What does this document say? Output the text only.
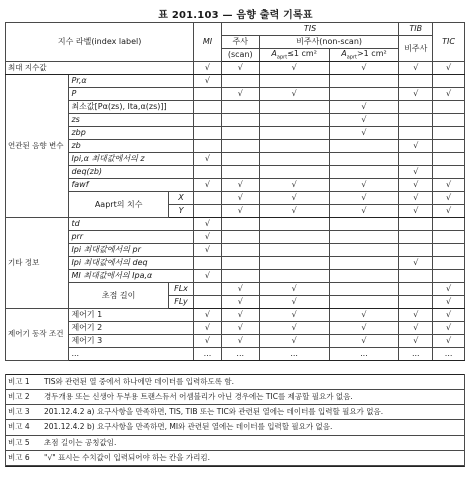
표 201.103 — 음향 출력 기록표
지수 라벨(index label)			MI	TIS			TIB	TIC
				주사	비주사(non-scan)		비주사	
				(scan)	$A_{aprt}\le 1$ cm²	$A_{aprt}>1$ cm²		
최대 지수값			√	√	√	√	√	√
연관된 음향 변수	Pr,α		√					
	P			√	√		√	√
	최소값[Pα(zs), Ita,α(zs)]]					√		
	zs					√		
	zbp					√		
	zb						√	
	Ipi,α 최대값에서의 z		√					
	deq(zb)						√	
	fawf		√	√	√	√	√	√
	Aaprt의 치수	X		√	√	√	√	√
		Y		√	√	√	√	√
기타 정보	td		√					
	prr		√					
	Ipi 최대값에서의 pr		√					
	Ipi 최대값에서의 deq						√	
	MI 최대값에서의 Ipa,α		√					
	초점 길이	FLx		√	√			√
		FLy		√	√			√
제어기 동작 조건	제어기 1		√	√	√	√	√	√
	제어기 2		√	√	√	√	√	√
	제어기 3		√	√	√	√	√	√
	...		...	...	...	...	...	...
비고 1	TIS와 관련된 열 중에서 하나에만 데이터를 입력하도록 함.
비고 2	경두개용 또는 신생아 두부용 트랜스듀서 어셈블리가 아닌 경우에는 TIC를 제공할 필요가 없음.
비고 3	201.12.4.2 a) 요구사항을 만족하면, TIS, TIB 또는 TIC와 관련된 열에는 데이터를 입력할 필요가 없음.
비고 4	201.12.4.2 b) 요구사항을 만족하면, MI와 관련된 열에는 데이터를 입력할 필요가 없음.
비고 5	초점 길이는 공칭값임.
비고 6	"√" 표시는 수치값이 입력되어야 하는 칸을 가리킴.
